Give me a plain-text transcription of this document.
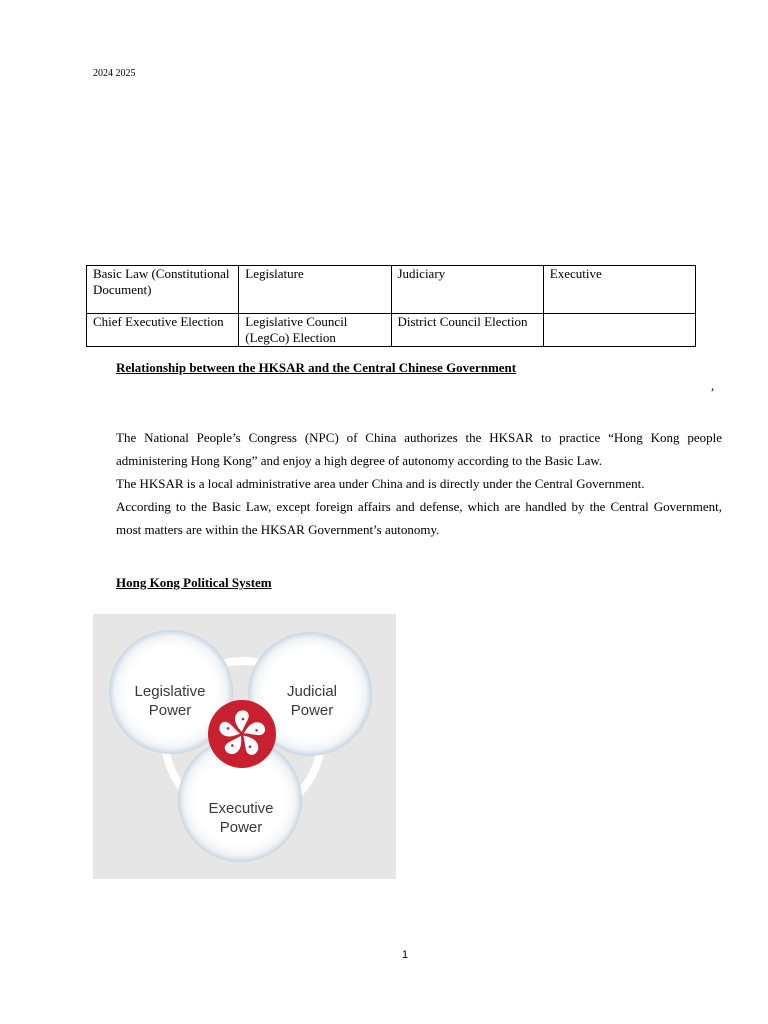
2024 2025
Basic Law (Constitutional Document)	Legislature	Judiciary	Executive
Chief Executive Election	Legislative Council (LegCo) Election	District Council Election	
Relationship between the HKSAR and the Central Chinese Government
,

The National People’s Congress (NPC) of China authorizes the HKSAR to practice “Hong Kong people administering Hong Kong” and enjoy a high degree of autonomy according to the Basic Law.

The HKSAR is a local administrative area under China and is directly under the Central Government.

According to the Basic Law, except foreign affairs and defense, which are handled by the Central Government, most matters are within the HKSAR Government’s autonomy.

Hong Kong Political System
Legislative
Power
Judicial
Power
Executive
Power
1
